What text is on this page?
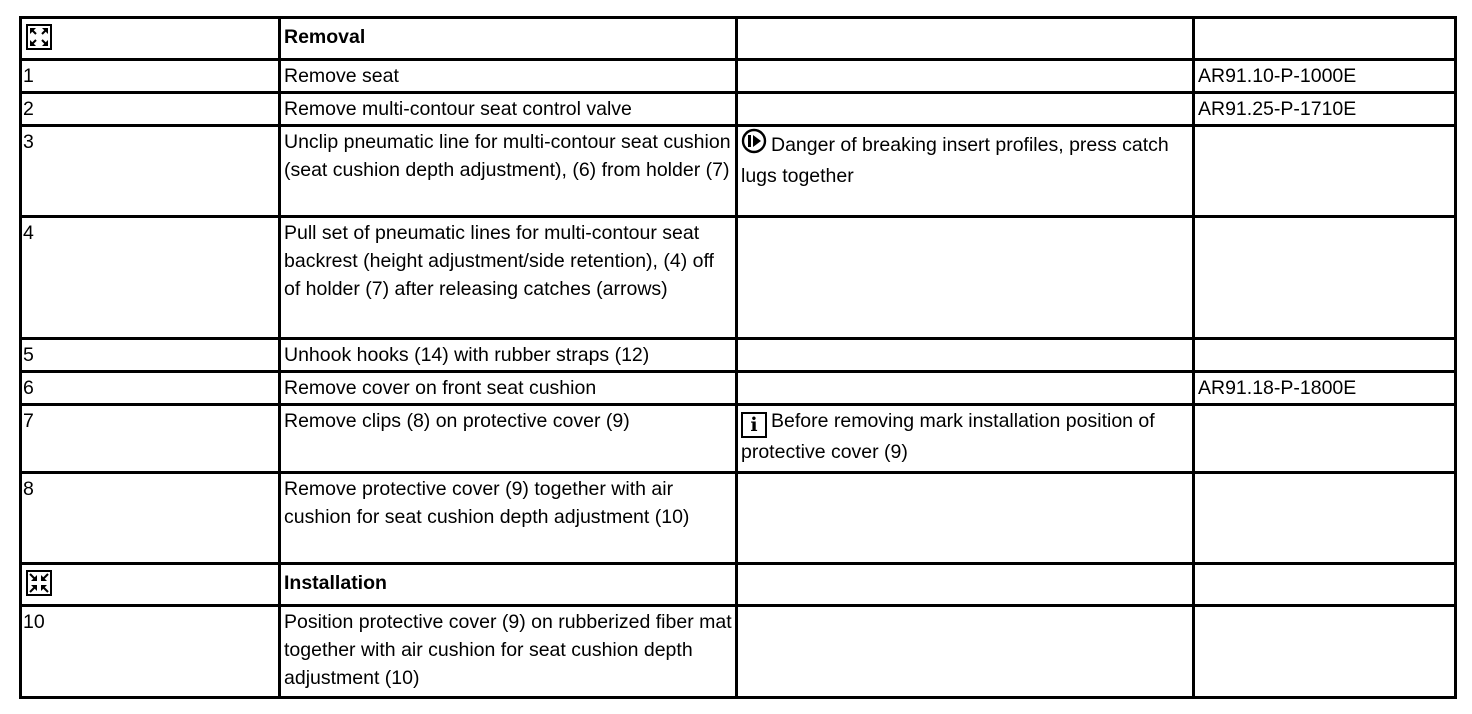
	Removal		
1	Remove seat		AR91.10-P-1000E
2	Remove multi-contour seat control valve		AR91.25-P-1710E
3	Unclip pneumatic line for multi-contour seat cushion (seat cushion depth adjustment), (6) from holder (7)	Danger of breaking insert profiles, press catch lugs together	
4	Pull set of pneumatic lines for multi-contour seat backrest (height adjustment/side retention), (4) off of holder (7) after releasing catches (arrows)		
5	Unhook hooks (14) with rubber straps (12)		
6	Remove cover on front seat cushion		AR91.18-P-1800E
7	Remove clips (8) on protective cover (9)	i Before removing mark installation position of protective cover (9)	
8	Remove protective cover (9) together with air cushion for seat cushion depth adjustment (10)		

	Installation		
10	Position protective cover (9) on rubberized fiber mat together with air cushion for seat cushion depth adjustment (10)		
